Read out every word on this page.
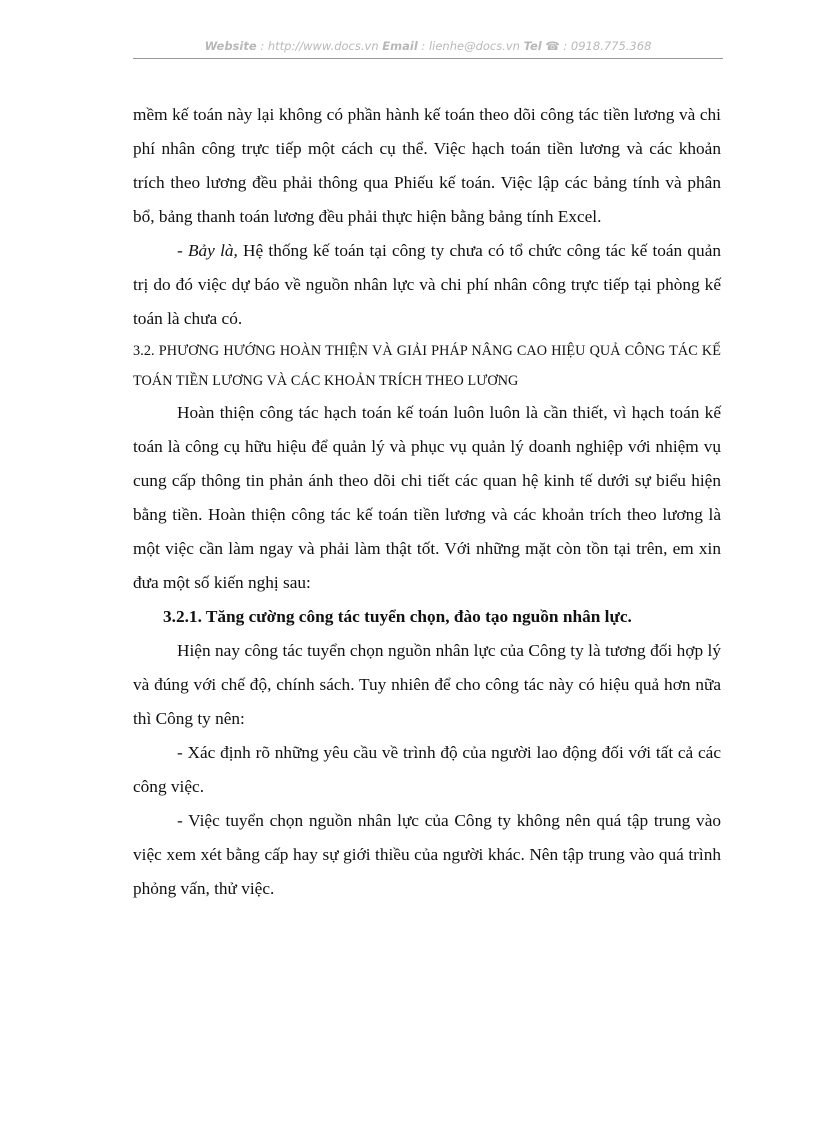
Website : http://www.docs.vn Email : lienhe@docs.vn Tel ☎ : 0918.775.368

mềm kế toán này lại không có phần hành kế toán theo dõi công tác tiền lương và chi phí nhân công trực tiếp một cách cụ thể. Việc hạch toán tiền lương và các khoản trích theo lương đều phải thông qua Phiếu kế toán. Việc lập các bảng tính và phân bổ, bảng thanh toán lương đều phải thực hiện bằng bảng tính Excel.

- Bảy là, Hệ thống kế toán tại công ty chưa có tổ chức công tác kế toán quản trị do đó việc dự báo về nguồn nhân lực và chi phí nhân công trực tiếp tại phòng kế toán là chưa có.

3.2. PHƯƠNG HƯỚNG HOÀN THIỆN VÀ GIẢI PHÁP NÂNG CAO HIỆU QUẢ CÔNG TÁC KẾ TOÁN TIỀN LƯƠNG VÀ CÁC KHOẢN TRÍCH THEO LƯƠNG

Hoàn thiện công tác hạch toán kế toán luôn luôn là cần thiết, vì hạch toán kế toán là công cụ hữu hiệu để quản lý và phục vụ quản lý doanh nghiệp với nhiệm vụ cung cấp thông tin phản ánh theo dõi chi tiết các quan hệ kinh tế dưới sự biểu hiện bằng tiền. Hoàn thiện công tác kế toán tiền lương và các khoản trích theo lương là một việc cần làm ngay và phải làm thật tốt. Với những mặt còn tồn tại trên, em xin đưa một số kiến nghị sau:

3.2.1. Tăng cường công tác tuyển chọn, đào tạo nguồn nhân lực.

Hiện nay công tác tuyển chọn nguồn nhân lực của Công ty là tương đối hợp lý và đúng với chế độ, chính sách. Tuy nhiên để cho công tác này có hiệu quả hơn nữa thì Công ty nên:

- Xác định rõ những yêu cầu về trình độ của người lao động đối với tất cả các công việc.

- Việc tuyển chọn nguồn nhân lực của Công ty không nên quá tập trung vào việc xem xét bằng cấp hay sự giới thiều của người khác. Nên tập trung vào quá trình phỏng vấn, thử việc.
